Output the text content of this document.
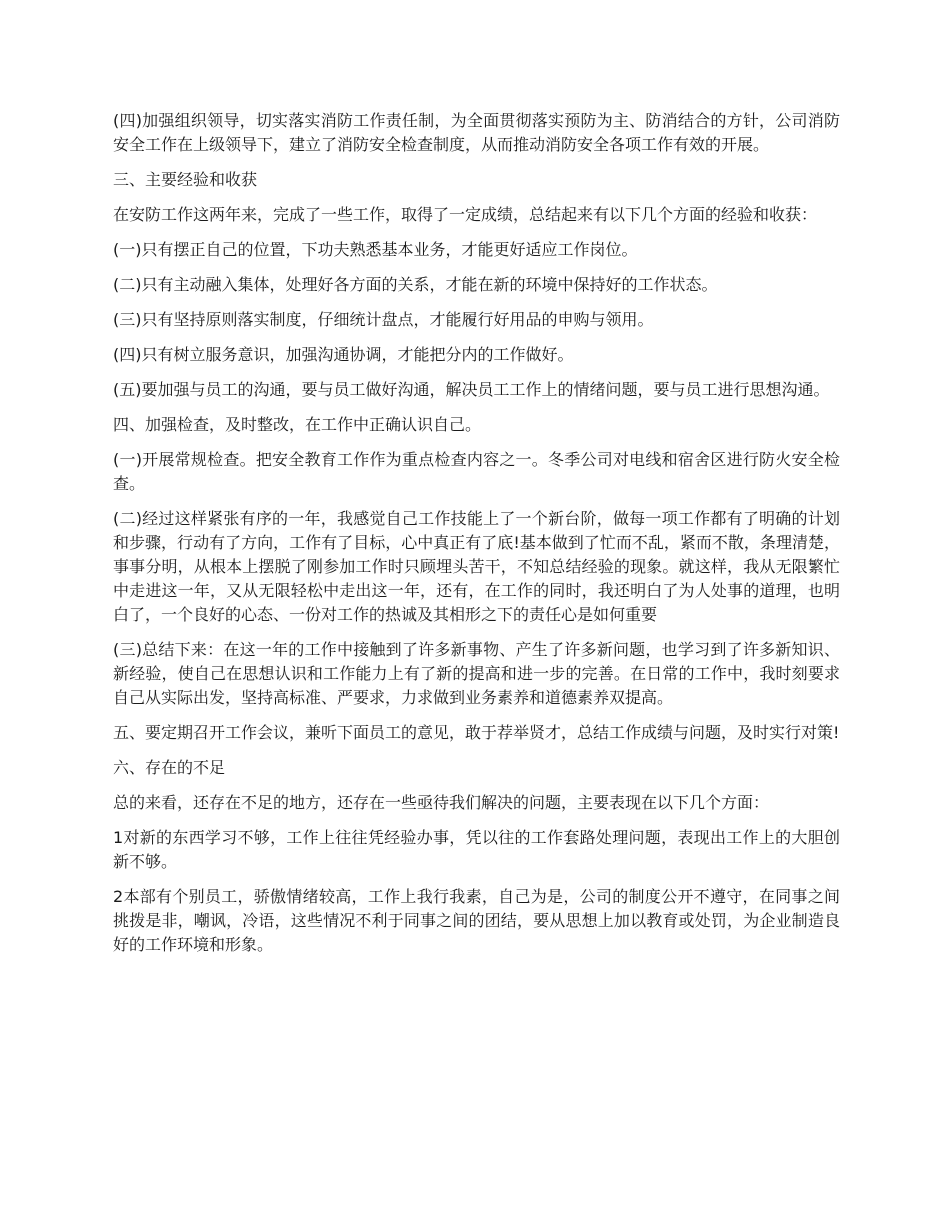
(四)加强组织领导，切实落实消防工作责任制，为全面贯彻落实预防为主、防消结合的方针，公司消防安全工作在上级领导下，建立了消防安全检查制度，从而推动消防安全各项工作有效的开展。

三、主要经验和收获

在安防工作这两年来，完成了一些工作，取得了一定成绩，总结起来有以下几个方面的经验和收获：

(一)只有摆正自己的位置，下功夫熟悉基本业务，才能更好适应工作岗位。

(二)只有主动融入集体，处理好各方面的关系，才能在新的环境中保持好的工作状态。

(三)只有坚持原则落实制度，仔细统计盘点，才能履行好用品的申购与领用。

(四)只有树立服务意识，加强沟通协调，才能把分内的工作做好。

(五)要加强与员工的沟通，要与员工做好沟通，解决员工工作上的情绪问题，要与员工进行思想沟通。

四、加强检查，及时整改，在工作中正确认识自己。

(一)开展常规检查。把安全教育工作作为重点检查内容之一。冬季公司对电线和宿舍区进行防火安全检查。

(二)经过这样紧张有序的一年，我感觉自己工作技能上了一个新台阶，做每一项工作都有了明确的计划和步骤，行动有了方向，工作有了目标，心中真正有了底!基本做到了忙而不乱，紧而不散，条理清楚，事事分明，从根本上摆脱了刚参加工作时只顾埋头苦干，不知总结经验的现象。就这样，我从无限繁忙中走进这一年，又从无限轻松中走出这一年，还有，在工作的同时，我还明白了为人处事的道理，也明白了，一个良好的心态、一份对工作的热诚及其相形之下的责任心是如何重要

(三)总结下来：在这一年的工作中接触到了许多新事物、产生了许多新问题，也学习到了许多新知识、新经验，使自己在思想认识和工作能力上有了新的提高和进一步的完善。在日常的工作中，我时刻要求自己从实际出发，坚持高标准、严要求，力求做到业务素养和道德素养双提高。

五、要定期召开工作会议，兼听下面员工的意见，敢于荐举贤才，总结工作成绩与问题，及时实行对策!

六、存在的不足

总的来看，还存在不足的地方，还存在一些亟待我们解决的问题，主要表现在以下几个方面：

1对新的东西学习不够，工作上往往凭经验办事，凭以往的工作套路处理问题，表现出工作上的大胆创新不够。

2本部有个别员工，骄傲情绪较高，工作上我行我素，自己为是，公司的制度公开不遵守，在同事之间挑拨是非，嘲讽，冷语，这些情况不利于同事之间的团结，要从思想上加以教育或处罚，为企业制造良好的工作环境和形象。
